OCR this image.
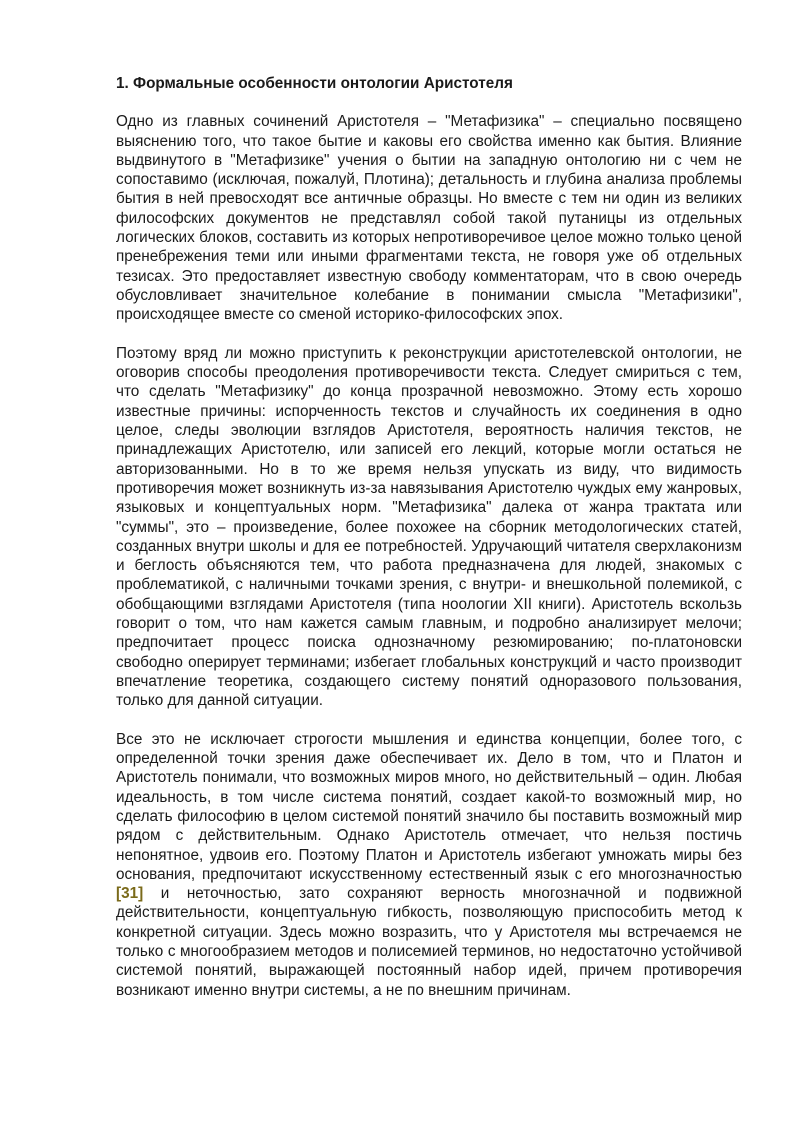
1. Формальные особенности онтологии Аристотеля
Одно из главных сочинений Аристотеля – "Метафизика" – специально посвящено выяснению того, что такое бытие и каковы его свойства именно как бытия. Влияние выдвинутого в "Метафизике" учения о бытии на западную онтологию ни с чем не сопоставимо (исключая, пожалуй, Плотина); детальность и глубина анализа проблемы бытия в ней превосходят все античные образцы. Но вместе с тем ни один из великих философских документов не представлял собой такой путаницы из отдельных логических блоков, составить из которых непротиворечивое целое можно только ценой пренебрежения теми или иными фрагментами текста, не говоря уже об отдельных тезисах. Это предоставляет известную свободу комментаторам, что в свою очередь обусловливает значительное колебание в понимании смысла "Метафизики", происходящее вместе со сменой историко-философских эпох.
Поэтому вряд ли можно приступить к реконструкции аристотелевской онтологии, не оговорив способы преодоления противоречивости текста. Следует смириться с тем, что сделать "Метафизику" до конца прозрачной невозможно. Этому есть хорошо известные причины: испорченность текстов и случайность их соединения в одно целое, следы эволюции взглядов Аристотеля, вероятность наличия текстов, не принадлежащих Аристотелю, или записей его лекций, которые могли остаться не авторизованными. Но в то же время нельзя упускать из виду, что видимость противоречия может возникнуть из-за навязывания Аристотелю чуждых ему жанровых, языковых и концептуальных норм. "Метафизика" далека от жанра трактата или "суммы", это – произведение, более похожее на сборник методологических статей, созданных внутри школы и для ее потребностей. Удручающий читателя сверхлаконизм и беглость объясняются тем, что работа предназначена для людей, знакомых с проблематикой, с наличными точками зрения, с внутри- и внешкольной полемикой, с обобщающими взглядами Аристотеля (типа ноологии XII книги). Аристотель вскользь говорит о том, что нам кажется самым главным, и подробно анализирует мелочи; предпочитает процесс поиска однозначному резюмированию; по-платоновски свободно оперирует терминами; избегает глобальных конструкций и часто производит впечатление теоретика, создающего систему понятий одноразового пользования, только для данной ситуации.
Все это не исключает строгости мышления и единства концепции, более того, с определенной точки зрения даже обеспечивает их. Дело в том, что и Платон и Аристотель понимали, что возможных миров много, но действительный – один. Любая идеальность, в том числе система понятий, создает какой-то возможный мир, но сделать философию в целом системой понятий значило бы поставить возможный мир рядом с действительным. Однако Аристотель отмечает, что нельзя постичь непонятное, удвоив его. Поэтому Платон и Аристотель избегают умножать миры без основания, предпочитают искусственному естественный язык с его многозначностью [31] и неточностью, зато сохраняют верность многозначной и подвижной действительности, концептуальную гибкость, позволяющую приспособить метод к конкретной ситуации. Здесь можно возразить, что у Аристотеля мы встречаемся не только с многообразием методов и полисемией терминов, но недостаточно устойчивой системой понятий, выражающей постоянный набор идей, причем противоречия возникают именно внутри системы, а не по внешним причинам.
